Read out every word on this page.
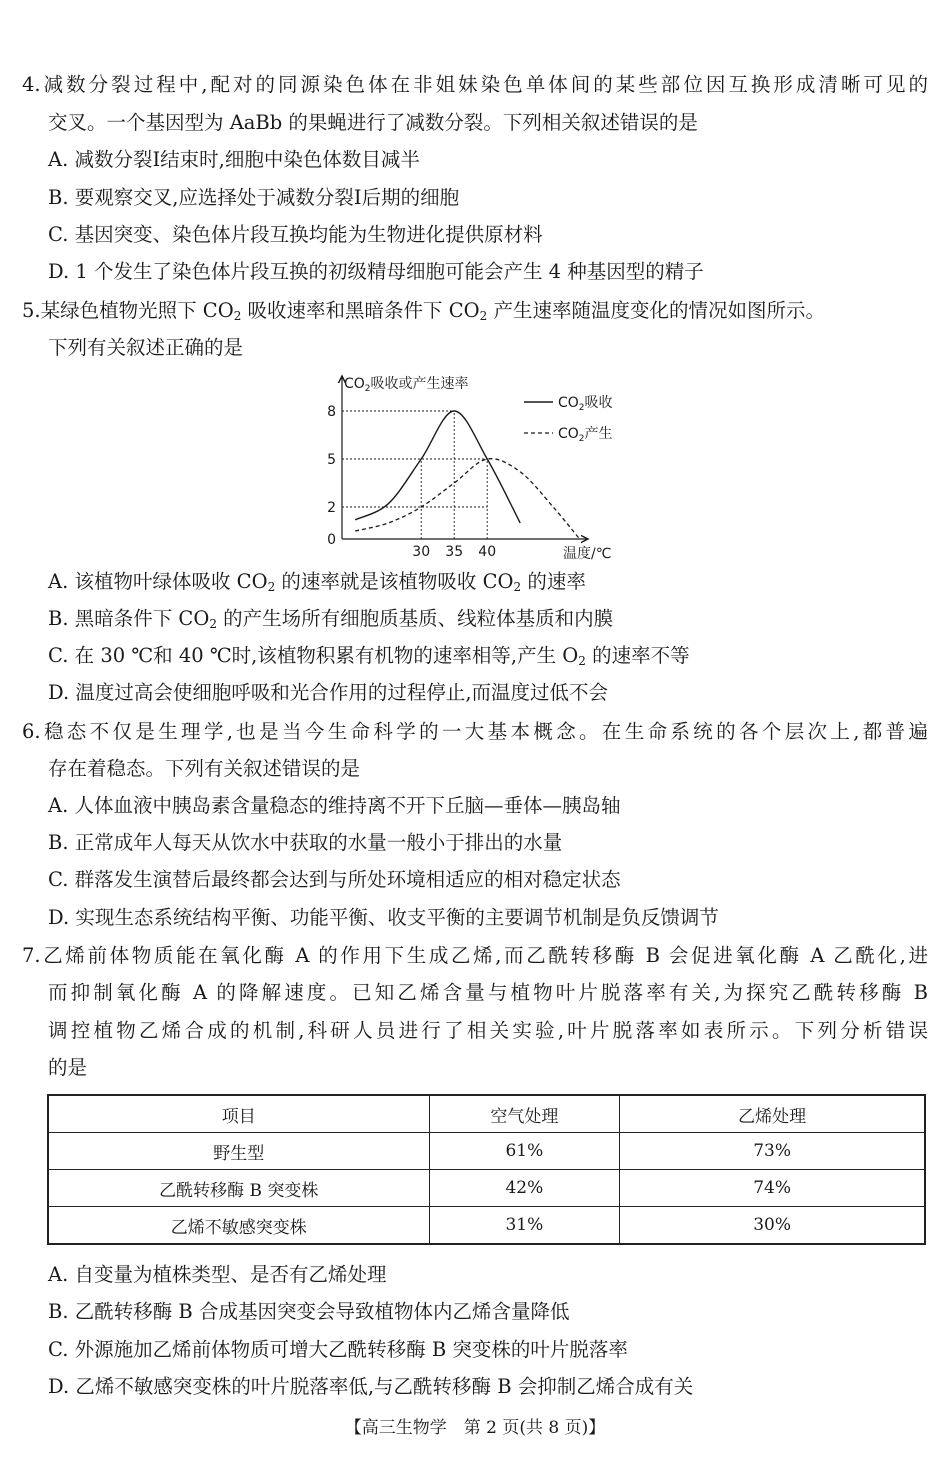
4.减数分裂过程中,配对的同源染色体在非姐妹染色单体间的某些部位因互换形成清晰可见的
交叉。一个基因型为 AaBb 的果蝇进行了减数分裂。下列相关叙述错误的是
A. 减数分裂Ⅰ结束时,细胞中染色体数目减半
B. 要观察交叉,应选择处于减数分裂Ⅰ后期的细胞
C. 基因突变、染色体片段互换均能为生物进化提供原材料
D. 1 个发生了染色体片段互换的初级精母细胞可能会产生 4 种基因型的精子
5.某绿色植物光照下 $CO_2$ 吸收速率和黑暗条件下 $CO_2$ 产生速率随温度变化的情况如图所示。
下列有关叙述正确的是
$CO_2$吸收或产生速率
温度/℃
8
5
2
0
30 35 40
$CO_2$吸收
$CO_2$产生
A. 该植物叶绿体吸收 $CO_2$ 的速率就是该植物吸收 $CO_2$ 的速率
B. 黑暗条件下 $CO_2$ 的产生场所有细胞质基质、线粒体基质和内膜
C. 在 30 ℃和 40 ℃时,该植物积累有机物的速率相等,产生 $O_2$ 的速率不等
D. 温度过高会使细胞呼吸和光合作用的过程停止,而温度过低不会
6.稳态不仅是生理学,也是当今生命科学的一大基本概念。在生命系统的各个层次上,都普遍
存在着稳态。下列有关叙述错误的是
A. 人体血液中胰岛素含量稳态的维持离不开下丘脑—垂体—胰岛轴
B. 正常成年人每天从饮水中获取的水量一般小于排出的水量
C. 群落发生演替后最终都会达到与所处环境相适应的相对稳定状态
D. 实现生态系统结构平衡、功能平衡、收支平衡的主要调节机制是负反馈调节
7.乙烯前体物质能在氧化酶 A 的作用下生成乙烯,而乙酰转移酶 B 会促进氧化酶 A 乙酰化,进
而抑制氧化酶 A 的降解速度。已知乙烯含量与植物叶片脱落率有关,为探究乙酰转移酶 B
调控植物乙烯合成的机制,科研人员进行了相关实验,叶片脱落率如表所示。下列分析错误
的是
项目	空气处理	乙烯处理
野生型	61%	73%
乙酰转移酶 B 突变株	42%	74%
乙烯不敏感突变株	31%	30%
A. 自变量为植株类型、是否有乙烯处理
B. 乙酰转移酶 B 合成基因突变会导致植物体内乙烯含量降低
C. 外源施加乙烯前体物质可增大乙酰转移酶 B 突变株的叶片脱落率
D. 乙烯不敏感突变株的叶片脱落率低,与乙酰转移酶 B 会抑制乙烯合成有关
【高三生物学　第 2 页(共 8 页)】
